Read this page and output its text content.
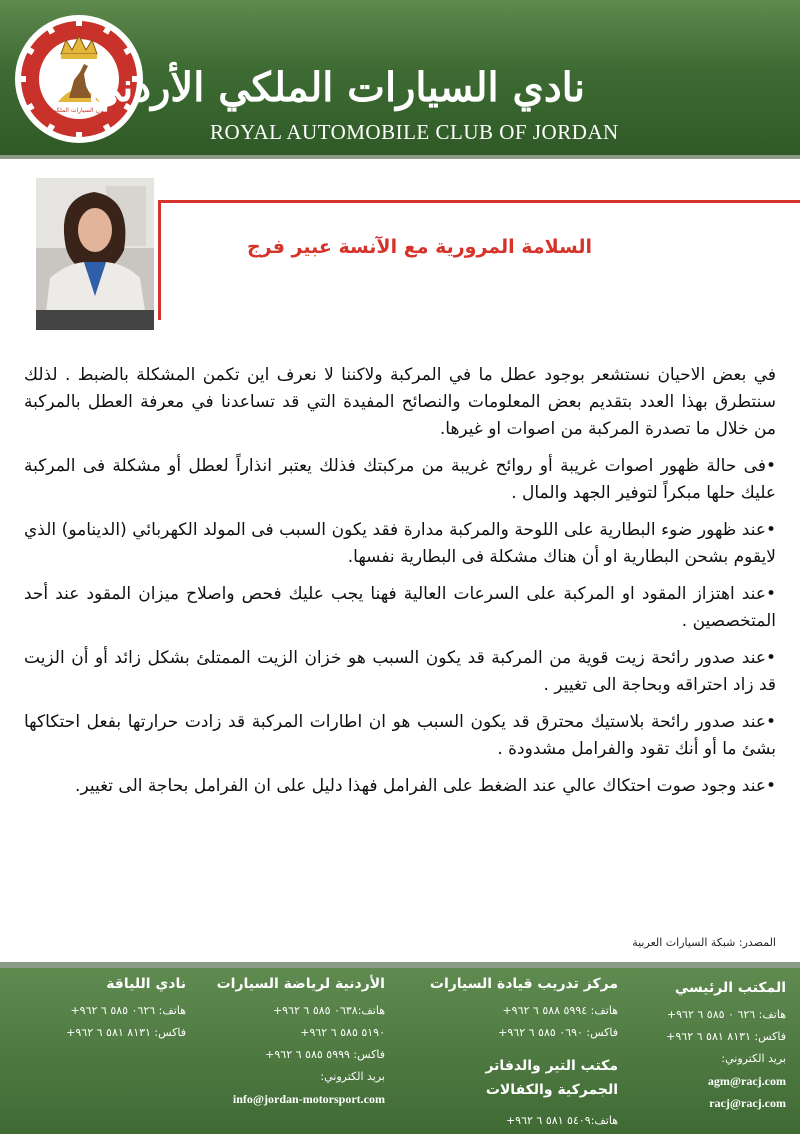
نادي السيارات الملكي
نادي السيارات الملكي الأردني
ROYAL AUTOMOBILE CLUB OF JORDAN
السلامة المرورية مع الآنسة عبير فرج

في بعض الاحيان نستشعر بوجود عطل ما في المركبة ولاكننا لا نعرف اين تكمن المشكلة بالضبط . لذلك سنتطرق بهذا العدد بتقديم بعض المعلومات والنصائح المفيدة التي قد تساعدنا في معرفة العطل بالمركبة من خلال ما تصدرة المركبة من اصوات او غيرها.

•فى حالة ظهور اصوات غريبة أو روائح غريبة من مركبتك فذلك يعتبر انذاراً لعطل أو مشكلة فى المركبة عليك حلها مبكراً لتوفير الجهد والمال .

•عند ظهور ضوء البطارية على اللوحة والمركبة مدارة فقد يكون السبب فى المولد الكهربائي (الدينامو) الذي لايقوم بشحن البطارية او أن هناك مشكلة فى البطارية نفسها.

•عند اهتزاز المقود او المركبة على السرعات العالية فهنا يجب عليك فحص واصلاح ميزان المقود عند أحد المتخصصين .

•عند صدور رائحة زيت قوية من المركبة قد يكون السبب هو خزان الزيت الممتلئ بشكل زائد أو أن الزيت قد زاد احتراقه وبحاجة الى تغيير .

•عند صدور رائحة بلاستيك محترق قد يكون السبب هو ان اطارات المركبة قد زادت حرارتها بفعل احتكاكها بشئ ما أو أنك تقود والفرامل مشدودة .

•عند وجود صوت احتكاك عالي عند الضغط على الفرامل فهذا دليل على ان الفرامل بحاجة الى تغيير.

المصدر: شبكة السيارات العربية
المكتب الرئيسي
هاتف: ٦٢٦ ٠ ٥٨٥ ٦ ٩٦٢+
فاكس: ٨١٣١ ٥٨١ ٦ ٩٦٢+
بريد الكتروني:
agm@racj.com
racj@racj.com
مركز تدريب قيادة السيارات
هاتف: ٥٩٩٤ ٥٨٨ ٦ ٩٦٢+
فاكس: ٠٦٩٠ ٥٨٥ ٦ ٩٦٢+
مكتب التير والدفاتر الجمركية والكفالات
هاتف:٥٤٠٩ ٥٨١ ٦ ٩٦٢+
الأردنية لرياضة السيارات
هاتف:٠٦٣٨ ٥٨٥ ٦ ٩٦٢+
٥١٩٠ ٥٨٥ ٦ ٩٦٢+
فاكس: ٥٩٩٩ ٥٨٥ ٦ ٩٦٢+
بريد الكتروني:
info@jordan-motorsport.com
نادي اللياقة
هاتف: ٠٦٢٦ ٥٨٥ ٦ ٩٦٢+
فاكس: ٨١٣١ ٥٨١ ٦ ٩٦٢+
